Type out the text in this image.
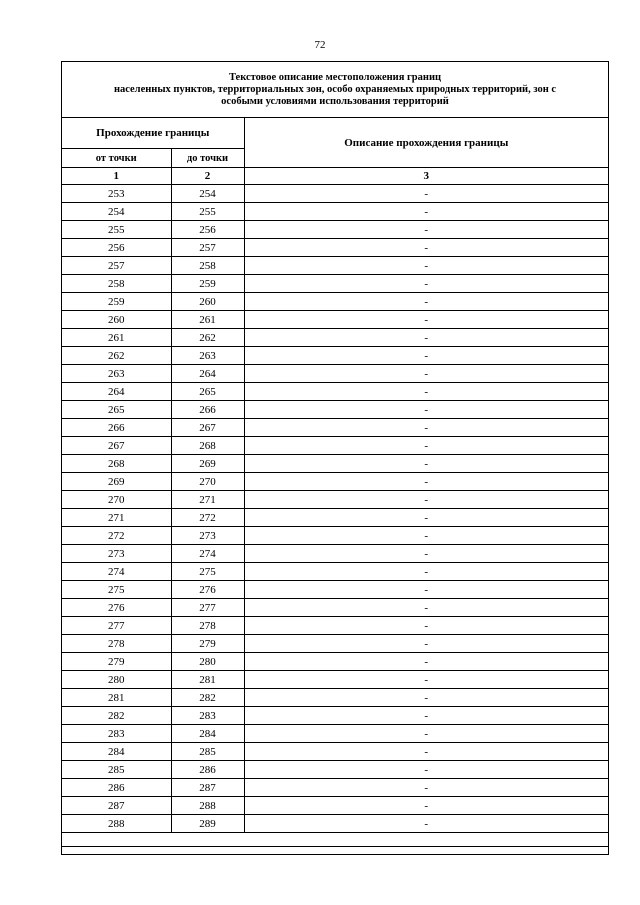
72
Текстовое описание местоположения границ
населенных пунктов, территориальных зон, особо охраняемых природных территорий, зон с
особыми условиями использования территорий
Прохождение границы		Описание прохождения границы
от точки	до точки	
1	2	3
253	254	-
254	255	-
255	256	-
256	257	-
257	258	-
258	259	-
259	260	-
260	261	-
261	262	-
262	263	-
263	264	-
264	265	-
265	266	-
266	267	-
267	268	-
268	269	-
269	270	-
270	271	-
271	272	-
272	273	-
273	274	-
274	275	-
275	276	-
276	277	-
277	278	-
278	279	-
279	280	-
280	281	-
281	282	-
282	283	-
283	284	-
284	285	-
285	286	-
286	287	-
287	288	-
288	289	-
